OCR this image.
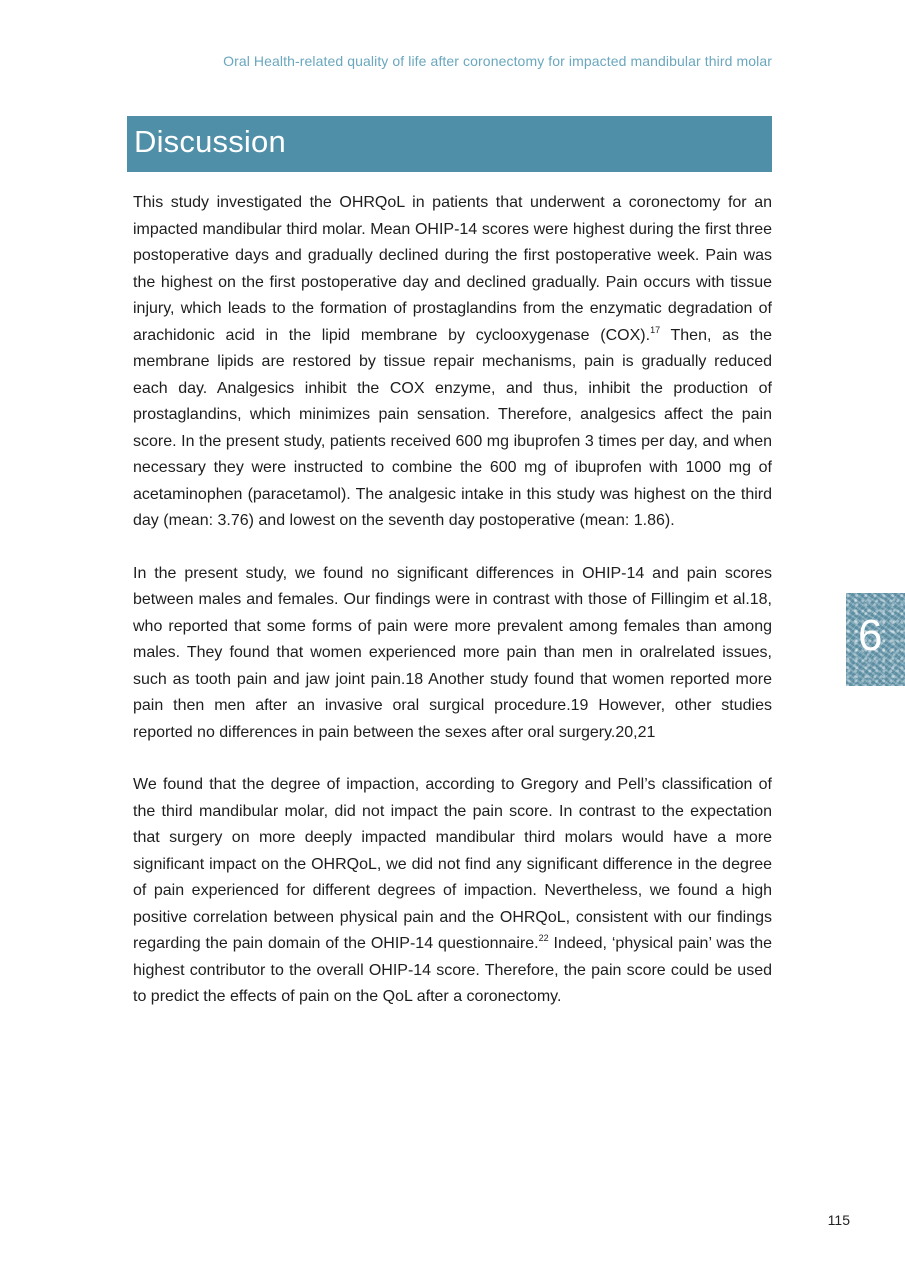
Oral Health-related quality of life after coronectomy for impacted mandibular third molar
Discussion

This study investigated the OHRQoL in patients that underwent a coronectomy for an impacted mandibular third molar. Mean OHIP-14 scores were highest during the first three postoperative days and gradually declined during the first postoperative week. Pain was the highest on the first postoperative day and declined gradually. Pain occurs with tissue injury, which leads to the formation of prostaglandins from the enzymatic degradation of arachidonic acid in the lipid membrane by cyclooxygenase (COX).$^{17}$ Then, as the membrane lipids are restored by tissue repair mechanisms, pain is gradually reduced each day. Analgesics inhibit the COX enzyme, and thus, inhibit the production of prostaglandins, which minimizes pain sensation. Therefore, analgesics affect the pain score. In the present study, patients received 600 mg ibuprofen 3 times per day, and when necessary they were instructed to combine the 600 mg of ibuprofen with 1000 mg of acetaminophen (paracetamol). The analgesic intake in this study was highest on the third day (mean: 3.76) and lowest on the seventh day postoperative (mean: 1.86).

In the present study, we found no significant differences in OHIP-14 and pain scores between males and females. Our findings were in contrast with those of Fillingim et al.18, who reported that some forms of pain were more prevalent among females than among males. They found that women experienced more pain than men in oralrelated issues, such as tooth pain and jaw joint pain.18 Another study found that women reported more pain then men after an invasive oral surgical procedure.19 However, other studies reported no differences in pain between the sexes after oral surgery.20,21

We found that the degree of impaction, according to Gregory and Pell’s classification of the third mandibular molar, did not impact the pain score. In contrast to the expectation that surgery on more deeply impacted mandibular third molars would have a more significant impact on the OHRQoL, we did not find any significant difference in the degree of pain experienced for different degrees of impaction. Nevertheless, we found a high positive correlation between physical pain and the OHRQoL, consistent with our findings regarding the pain domain of the OHIP-14 questionnaire.$^{22}$ Indeed, ‘physical pain’ was the highest contributor to the overall OHIP-14 score. Therefore, the pain score could be used to predict the effects of pain on the QoL after a coronectomy.

6
115
